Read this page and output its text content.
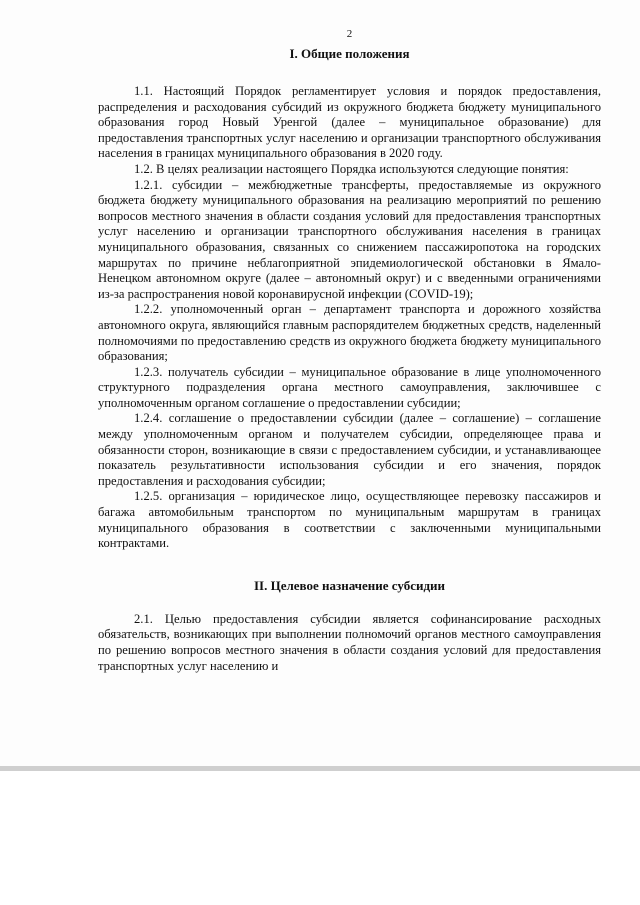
2
I. Общие положения

1.1. Настоящий Порядок регламентирует условия и порядок предоставления, распределения и расходования субсидий из окружного бюджета бюджету муниципального образования город Новый Уренгой (далее – муниципальное образование) для предоставления транспортных услуг населению и организации транспортного обслуживания населения в границах муниципального образования в 2020 году.

1.2. В целях реализации настоящего Порядка используются следующие понятия:

1.2.1. субсидии – межбюджетные трансферты, предоставляемые из окружного бюджета бюджету муниципального образования на реализацию мероприятий по решению вопросов местного значения в области создания условий для предоставления транспортных услуг населению и организации транспортного обслуживания населения в границах муниципального образования, связанных со снижением пассажиропотока на городских маршрутах по причине неблагоприятной эпидемиологической обстановки в Ямало-Ненецком автономном округе (далее – автономный округ) и с введенными ограничениями из-за распространения новой коронавирусной инфекции (COVID-19);

1.2.2. уполномоченный орган – департамент транспорта и дорожного хозяйства автономного округа, являющийся главным распорядителем бюджетных средств, наделенный полномочиями по предоставлению средств из окружного бюджета бюджету муниципального образования;

1.2.3. получатель субсидии – муниципальное образование в лице уполномоченного структурного подразделения органа местного самоуправления, заключившее с уполномоченным органом соглашение о предоставлении субсидии;

1.2.4. соглашение о предоставлении субсидии (далее – соглашение) – соглашение между уполномоченным органом и получателем субсидии, определяющее права и обязанности сторон, возникающие в связи с предоставлением субсидии, и устанавливающее показатель результативности использования субсидии и его значения, порядок предоставления и расходования субсидии;

1.2.5. организация – юридическое лицо, осуществляющее перевозку пассажиров и багажа автомобильным транспортом по муниципальным маршрутам в границах муниципального образования в соответствии с заключенными муниципальными контрактами.

II. Целевое назначение субсидии

2.1. Целью предоставления субсидии является софинансирование расходных обязательств, возникающих при выполнении полномочий органов местного самоуправления по решению вопросов местного значения в области создания условий для предоставления транспортных услуг населению и
